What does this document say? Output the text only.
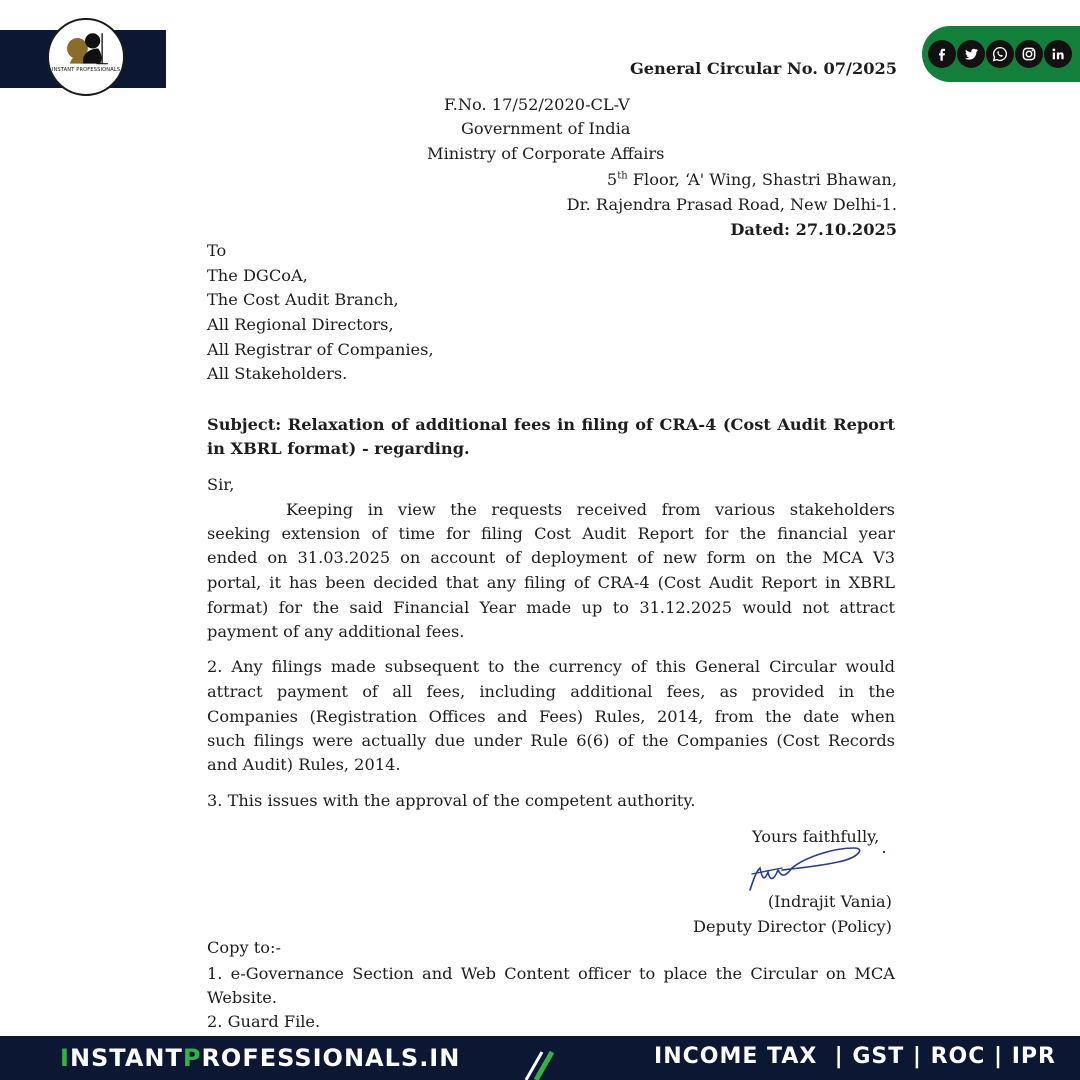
General Circular No. 07/2025
F.No. 17/52/2020-CL-V
Government of India
Ministry of Corporate Affairs
5th Floor, ‘A' Wing, Shastri Bhawan,
Dr. Rajendra Prasad Road, New Delhi-1.
Dated: 27.10.2025
To
The DGCoA,
The Cost Audit Branch,
All Regional Directors,
All Registrar of Companies,
All Stakeholders.
Subject: Relaxation of additional fees in filing of CRA-4 (Cost Audit Report
in XBRL format) - regarding.
Sir,
Keeping in view the requests received from various stakeholders
seeking extension of time for filing Cost Audit Report for the financial year
ended on 31.03.2025 on account of deployment of new form on the MCA V3
portal, it has been decided that any filing of CRA-4 (Cost Audit Report in XBRL
format) for the said Financial Year made up to 31.12.2025 would not attract
payment of any additional fees.
2. Any filings made subsequent to the currency of this General Circular would
attract payment of all fees, including additional fees, as provided in the
Companies (Registration Offices and Fees) Rules, 2014, from the date when
such filings were actually due under Rule 6(6) of the Companies (Cost Records
and Audit) Rules, 2014.
3. This issues with the approval of the competent authority.
Yours faithfully,
(Indrajit Vania)
Deputy Director (Policy)
Copy to:-
1. e-Governance Section and Web Content officer to place the Circular on MCA
Website.
2. Guard File.
INSTANT PROFESSIONALS
INSTANTPROFESSIONALS.IN	INCOME TAX  | GST | ROC | IPR
